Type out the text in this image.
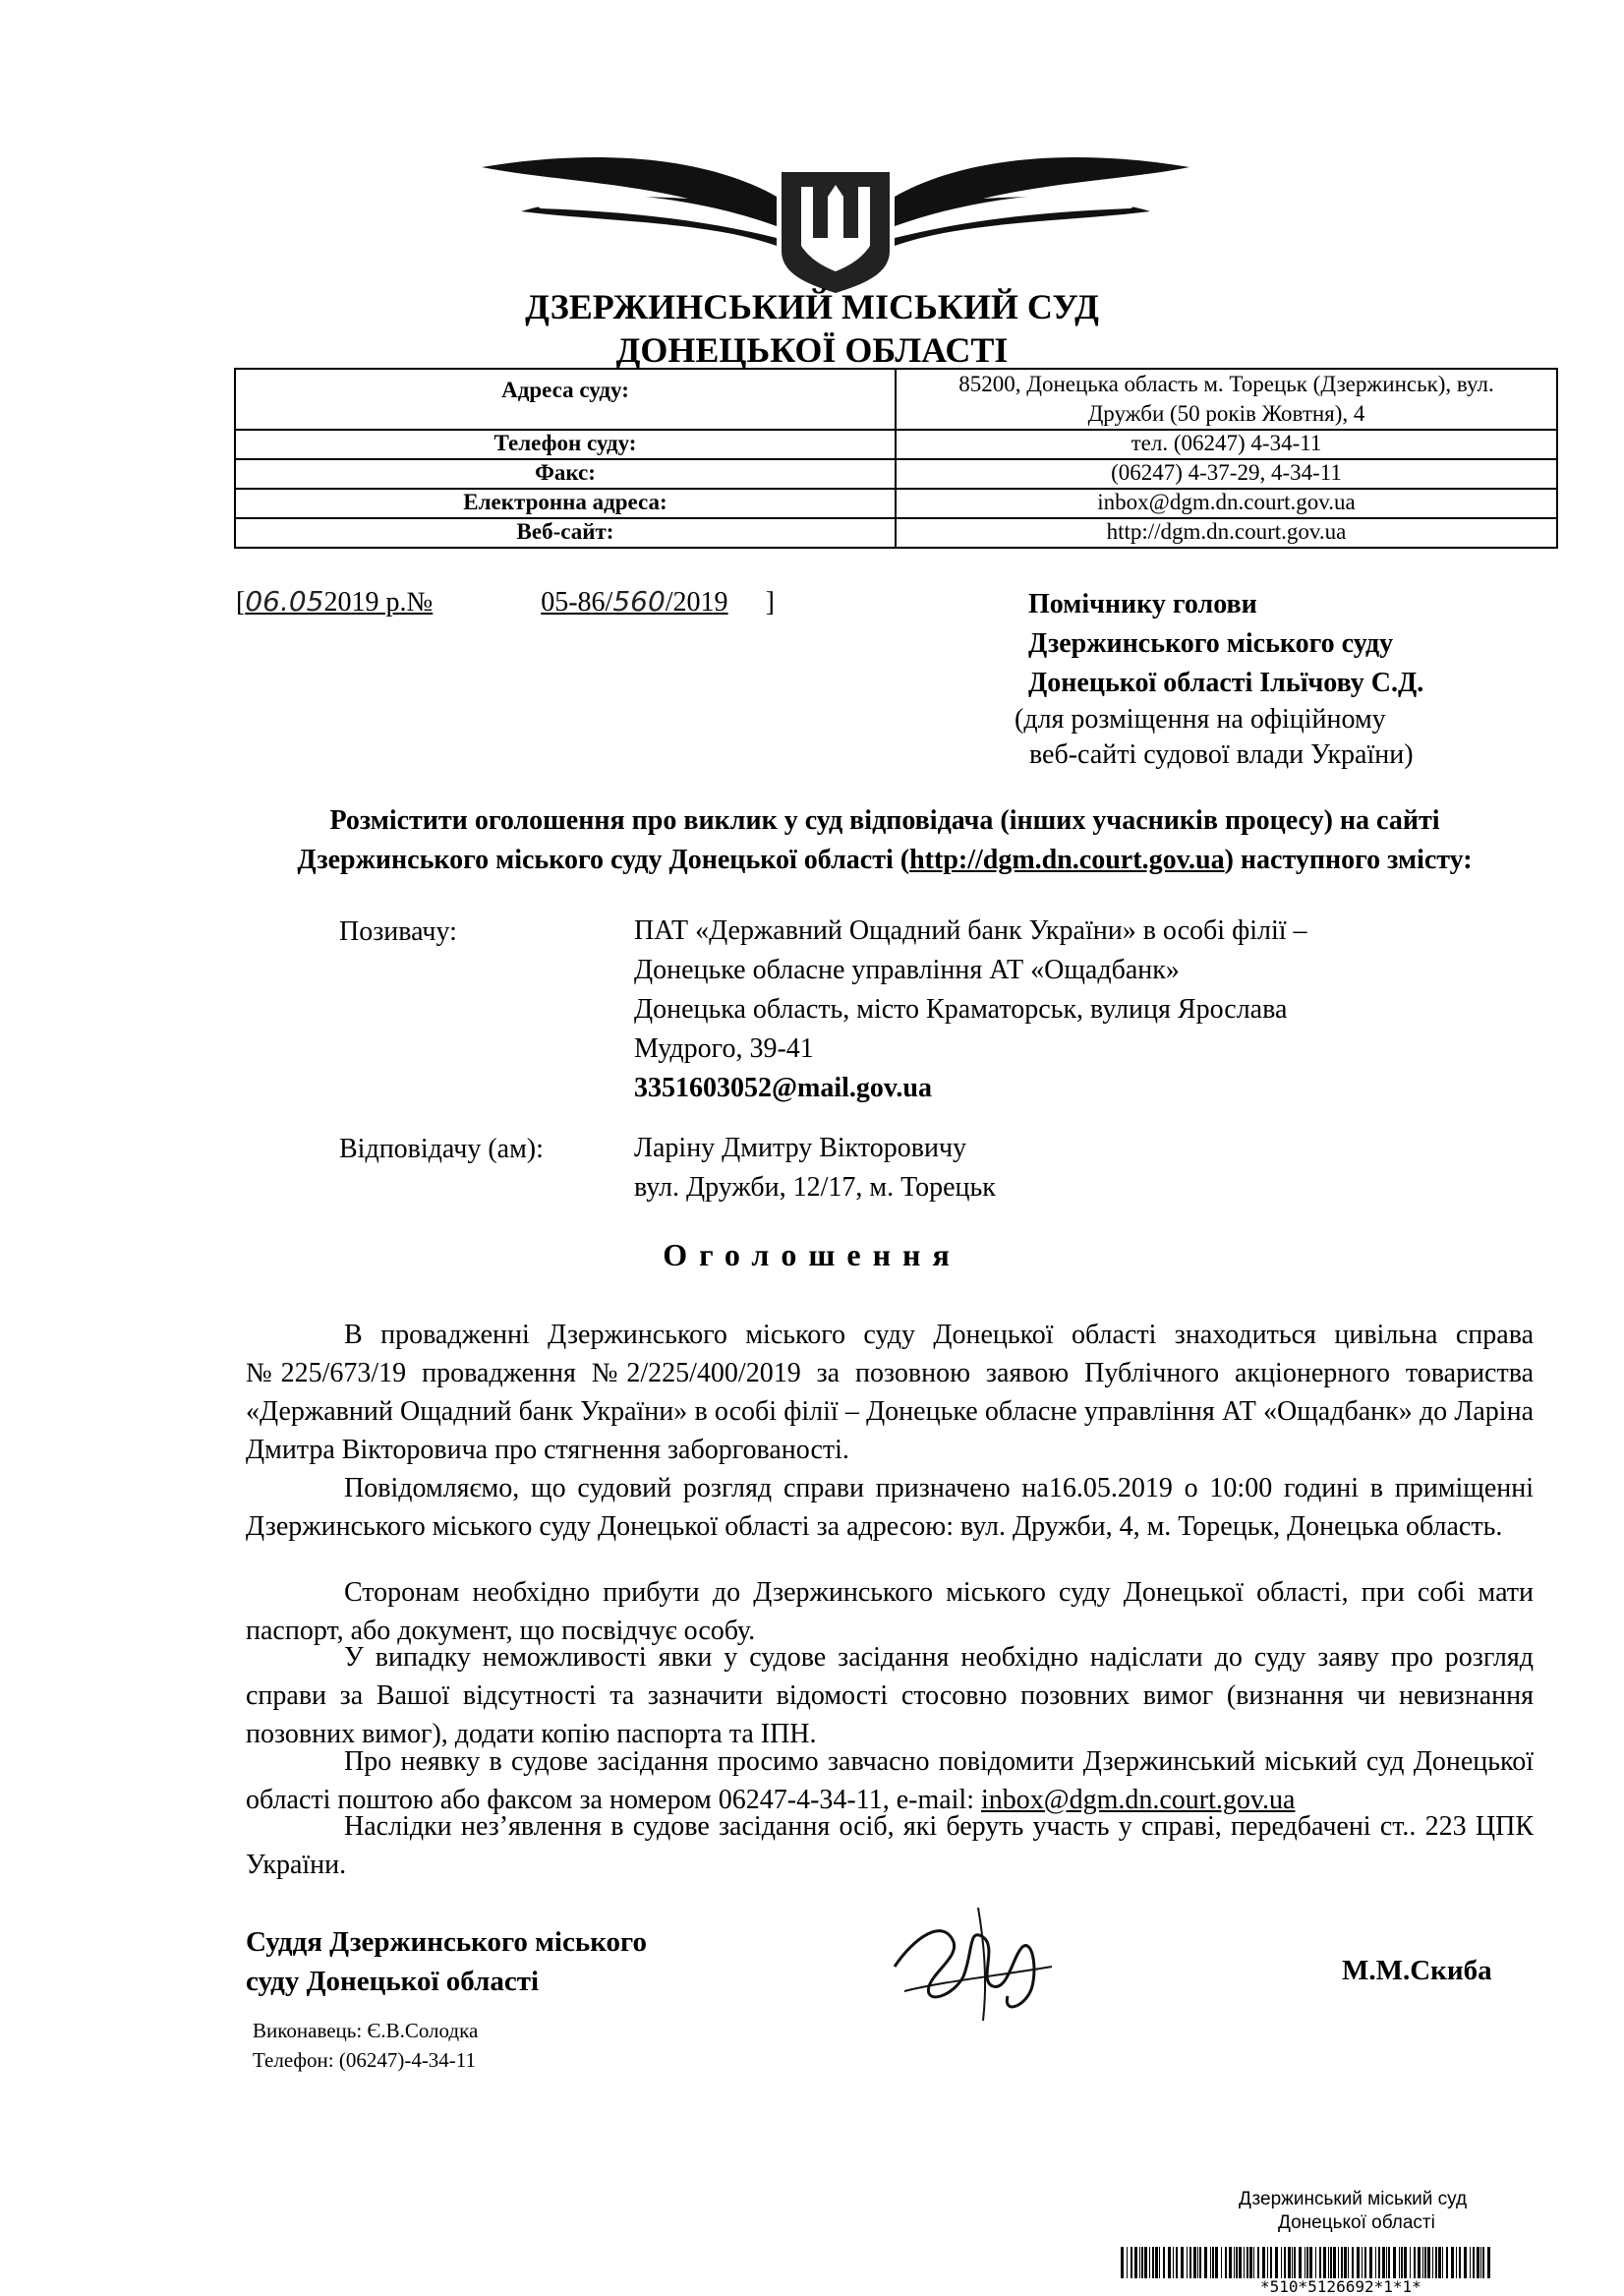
ДЗЕРЖИНСЬКИЙ МІСЬКИЙ СУД
ДОНЕЦЬКОЇ ОБЛАСТІ
Адреса суду:	85200, Донецька область м. Торецьк (Дзержинськ), вул.
Дружби (50 років Жовтня), 4

Телефон суду:	тел. (06247) 4-34-11
Факс:	(06247) 4-37-29, 4-34-11
Електронна адреса:	inbox@dgm.dn.court.gov.ua
Веб-сайт:	http://dgm.dn.court.gov.ua
[06.052019 р.№	05-86/560/2019 ]	Помічнику голови
Дзержинського міського суду
Донецької області Ільїчову С.Д.
(для розміщення на офіційному
веб-сайті судової влади України)
Розмістити оголошення про виклик у суд відповідача (інших учасників процесу) на сайті
Дзержинського міського суду Донецької області (http://dgm.dn.court.gov.ua) наступного змісту:
Позивачу:	ПАТ «Державний Ощадний банк України» в особі філії –
Донецьке обласне управління АТ «Ощадбанк»
Донецька область, місто Краматорськ, вулиця Ярослава
Мудрого, 39-41
3351603052@mail.gov.ua
Відповідачу (ам):	Ларіну Дмитру Вікторовичу
вул. Дружби, 12/17, м. Торецьк
Оголошення
В провадженні Дзержинського міського суду Донецької області знаходиться цивільна справа №225/673/19 провадження №2/225/400/2019 за позовною заявою Публічного акціонерного товариства «Державний Ощадний банк України» в особі філії – Донецьке обласне управління АТ «Ощадбанк» до Ларіна Дмитра Вікторовича про стягнення заборгованості.
Повідомляємо, що судовий розгляд справи призначено на16.05.2019 о 10:00 годині в приміщенні Дзержинського міського суду Донецької області за адресою: вул. Дружби, 4, м. Торецьк, Донецька область.
Сторонам необхідно прибути до Дзержинського міського суду Донецької області, при собі мати паспорт, або документ, що посвідчує особу.
У випадку неможливості явки у судове засідання необхідно надіслати до суду заяву про розгляд справи за Вашої відсутності та зазначити відомості стосовно позовних вимог (визнання чи невизнання позовних вимог), додати копію паспорта та ІПН.
Про неявку в судове засідання просимо завчасно повідомити Дзержинський міський суд Донецької області поштою або факсом за номером 06247-4-34-11, e-mail: inbox@dgm.dn.court.gov.ua
Наслідки нез’явлення в судове засідання осіб, які беруть участь у справі, передбачені ст.. 223 ЦПК України.
Суддя Дзержинського міського
суду Донецької області	М.М.Скиба
Виконавець: Є.В.Солодка
Телефон: (06247)-4-34-11
Дзержинський міський суд
Донецької області
*510*5126692*1*1*
